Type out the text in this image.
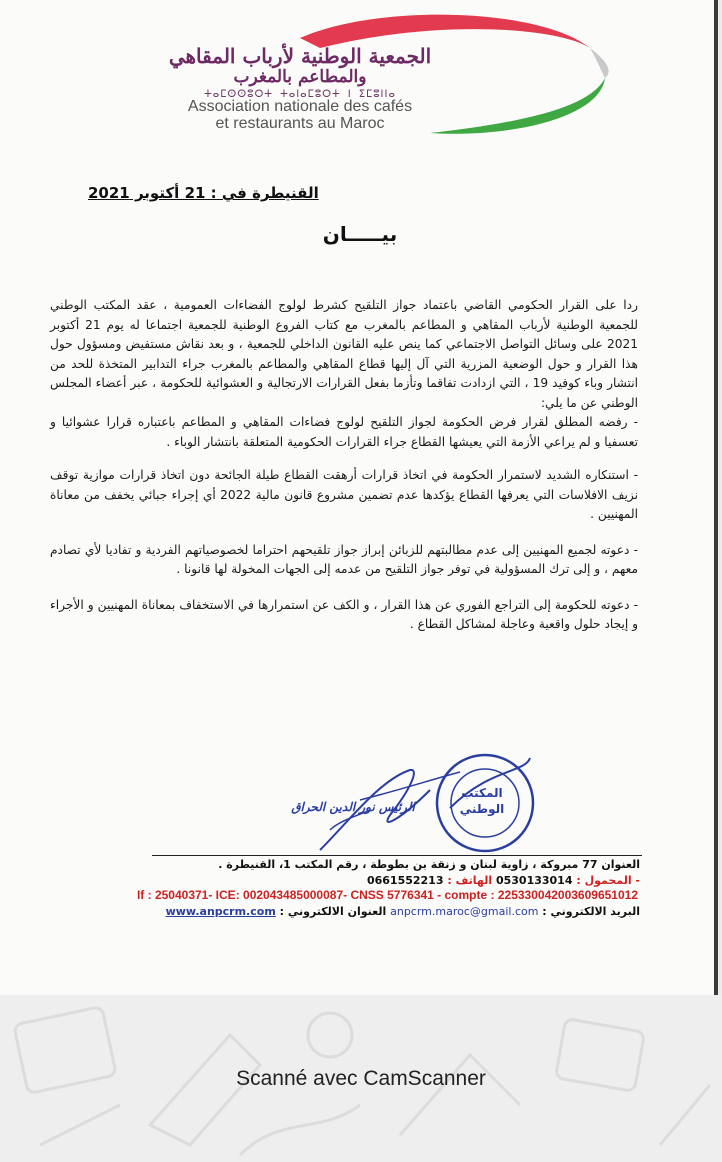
الجمعية الوطنية لأرباب المقاهي
والمطاعم بالمغرب
ⵜⴰⵎⵙⵙⵓⵔⵜ ⵜⴰⵏⴰⵎⵓⵔⵜ ⵏ ⵉⵎⵓⵏⵏⴰ
Association nationale des cafés
et restaurants au Maroc
القنيطرة في : 21 أكتوبر 2021
بيـــــان

ردا على القرار الحكومي القاضي باعتماد جواز التلقيح كشرط لولوج الفضاءات العمومية ، عقد المكتب الوطني للجمعية الوطنية لأرباب المقاهي و المطاعم بالمغرب مع كتاب الفروع الوطنية للجمعية اجتماعا له يوم 21 أكتوبر 2021 على وسائل التواصل الاجتماعي كما ينص عليه القانون الداخلي للجمعية ، و بعد نقاش مستفيض ومسؤول حول هذا القرار و حول الوضعية المزرية التي آل إليها قطاع المقاهي والمطاعم بالمغرب جراء التدابير المتخذة للحد من انتشار وباء كوفيد 19 ، التي ازدادت تفاقما وتأزما بفعل القرارات الارتجالية و العشوائية للحكومة ، عبر أعضاء المجلس الوطني عن ما يلي:

- رفضه المطلق لقرار فرض الحكومة لجواز التلقيح لولوج فضاءات المقاهي و المطاعم باعتباره قرارا عشوائيا و تعسفيا و لم يراعي الأزمة التي يعيشها القطاع جراء القرارات الحكومية المتعلقة بانتشار الوباء .

- استنكاره الشديد لاستمرار الحكومة في اتخاذ قرارات أرهقت القطاع طيلة الجائحة دون اتخاذ قرارات موازية توقف نزيف الافلاسات التي يعرفها القطاع يؤكدها عدم تضمين مشروع قانون مالية 2022 أي إجراء جبائي يخفف من معاناة المهنيين .

- دعوته لجميع المهنيين إلى عدم مطالبتهم للزبائن إبراز جواز تلقيحهم احتراما لخصوصياتهم الفردية و تفاديا لأي تصادم معهم ، و إلى ترك المسؤولية في توفر جواز التلقيح من عدمه إلى الجهات المخولة لها قانونا .

- دعوته للحكومة إلى التراجع الفوري عن هذا القرار ، و الكف عن استمرارها في الاستخفاف بمعاناة المهنيين و الأجراء و إيجاد حلول واقعية وعاجلة لمشاكل القطاع .

المكتب
الوطني
الرئيس نور الدين الحراق
العنوان 77 مبروكة ، زاوية لبنان و زنقة بن بطوطة ، رقم المكتب 1، القنيطرة .
- المحمول : 0530133014 الهاتف : 0661552213
If : 25040371- ICE: 002043485000087- CNSS 5776341 - compte : 225330042003609651012
البريد الالكتروني : anpcrm.maroc@gmail.com العنوان الالكتروني : www.anpcrm.com
Scanné avec CamScanner
